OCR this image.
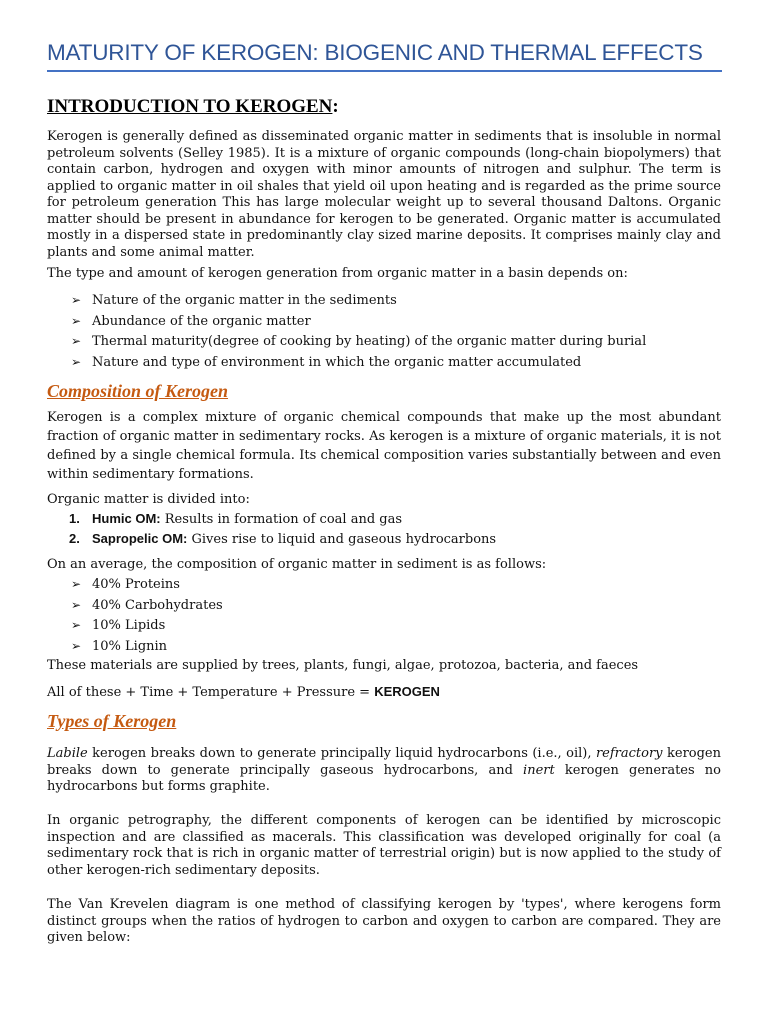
MATURITY OF KEROGEN: BIOGENIC AND THERMAL EFFECTS
INTRODUCTION TO KEROGEN:

Kerogen is generally defined as disseminated organic matter in sediments that is insoluble in normal petroleum solvents (Selley 1985). It is a mixture of organic compounds (long-chain biopolymers) that contain carbon, hydrogen and oxygen with minor amounts of nitrogen and sulphur. The term is applied to organic matter in oil shales that yield oil upon heating and is regarded as the prime source for petroleum generation This has large molecular weight up to several thousand Daltons. Organic matter should be present in abundance for kerogen to be generated. Organic matter is accumulated mostly in a dispersed state in predominantly clay sized marine deposits. It comprises mainly clay and plants and some animal matter.

The type and amount of kerogen generation from organic matter in a basin depends on:
➢ Nature of the organic matter in the sediments
➢ Abundance of the organic matter
➢ Thermal maturity(degree of cooking by heating) of the organic matter during burial
➢ Nature and type of environment in which the organic matter accumulated
Composition of Kerogen

Kerogen is a complex mixture of organic chemical compounds that make up the most abundant fraction of organic matter in sedimentary rocks. As kerogen is a mixture of organic materials, it is not defined by a single chemical formula. Its chemical composition varies substantially between and even within sedimentary formations.

Organic matter is divided into:
1. Humic OM: Results in formation of coal and gas
2. Sapropelic OM: Gives rise to liquid and gaseous hydrocarbons
On an average, the composition of organic matter in sediment is as follows:
➢ 40% Proteins
➢ 40% Carbohydrates
➢ 10% Lipids
➢ 10% Lignin
These materials are supplied by trees, plants, fungi, algae, protozoa, bacteria, and faeces
All of these + Time + Temperature + Pressure = KEROGEN
Types of Kerogen

Labile kerogen breaks down to generate principally liquid hydrocarbons (i.e., oil), refractory kerogen breaks down to generate principally gaseous hydrocarbons, and inert kerogen generates no hydrocarbons but forms graphite.

In organic petrography, the different components of kerogen can be identified by microscopic inspection and are classified as macerals. This classification was developed originally for coal (a sedimentary rock that is rich in organic matter of terrestrial origin) but is now applied to the study of other kerogen-rich sedimentary deposits.

The Van Krevelen diagram is one method of classifying kerogen by 'types', where kerogens form distinct groups when the ratios of hydrogen to carbon and oxygen to carbon are compared. They are given below:
